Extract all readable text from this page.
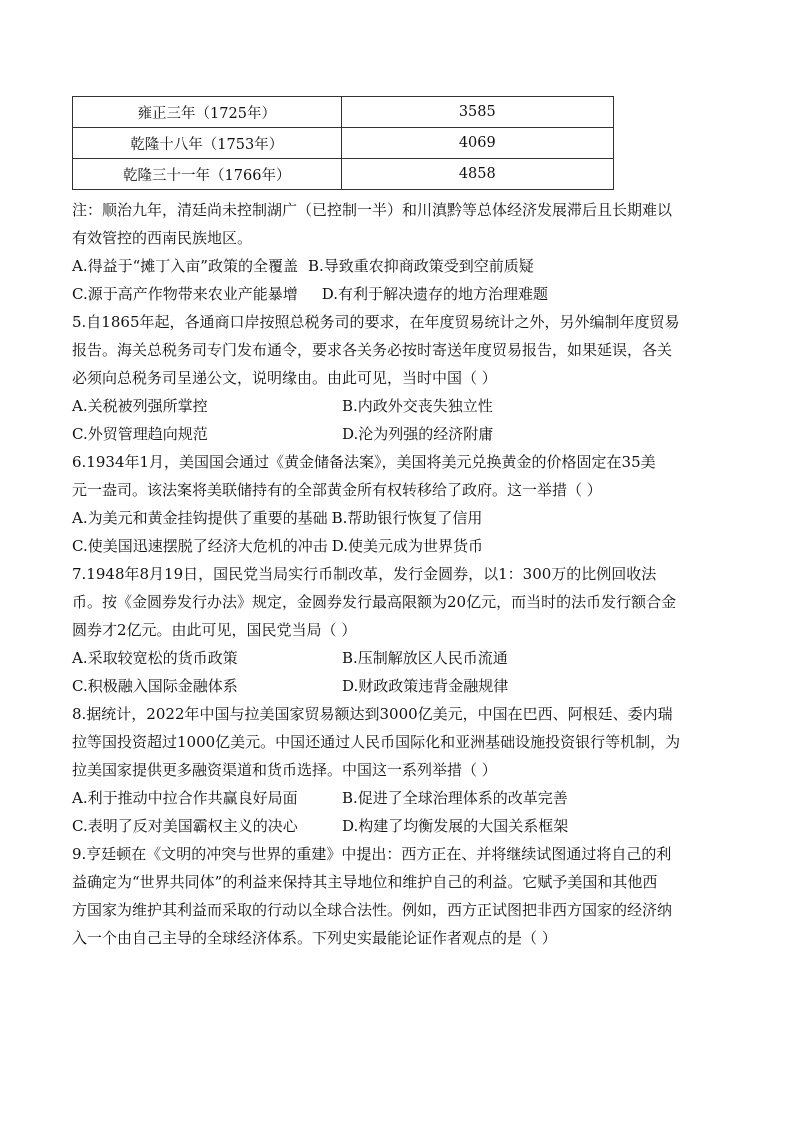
雍正三年（1725年）	3585
乾隆十八年（1753年）	4069
乾隆三十一年（1766年）	4858
注：顺治九年，清廷尚未控制湖广（已控制一半）和川滇黔等总体经济发展滞后且长期难以
有效管控的西南民族地区。
A.得益于“摊丁入亩”政策的全覆盖 B.导致重农抑商政策受到空前质疑
C.源于高产作物带来农业产能暴增 D.有利于解决遗存的地方治理难题
5.自1865年起，各通商口岸按照总税务司的要求，在年度贸易统计之外，另外编制年度贸易
报告。海关总税务司专门发布通令，要求各关务必按时寄送年度贸易报告，如果延误，各关
必须向总税务司呈递公文，说明缘由。由此可见，当时中国（ ）
A.关税被列强所掌控	B.内政外交丧失独立性
C.外贸管理趋向规范	D.沦为列强的经济附庸
6.1934年1月，美国国会通过《黄金储备法案》，美国将美元兑换黄金的价格固定在35美
元一盎司。该法案将美联储持有的全部黄金所有权转移给了政府。这一举措（ ）
A.为美元和黄金挂钩提供了重要的基础 B.帮助银行恢复了信用
C.使美国迅速摆脱了经济大危机的冲击 D.使美元成为世界货币
7.1948年8月19日，国民党当局实行币制改革，发行金圆券，以1：300万的比例回收法
币。按《金圆券发行办法》规定，金圆券发行最高限额为20亿元，而当时的法币发行额合金
圆券才2亿元。由此可见，国民党当局（ ）
A.采取较宽松的货币政策	B.压制解放区人民币流通
C.积极融入国际金融体系	D.财政政策违背金融规律
8.据统计，2022年中国与拉美国家贸易额达到3000亿美元，中国在巴西、阿根廷、委内瑞
拉等国投资超过1000亿美元。中国还通过人民币国际化和亚洲基础设施投资银行等机制，为
拉美国家提供更多融资渠道和货币选择。中国这一系列举措（ ）
A.利于推动中拉合作共赢良好局面	B.促进了全球治理体系的改革完善
C.表明了反对美国霸权主义的决心	D.构建了均衡发展的大国关系框架
9.亨廷顿在《文明的冲突与世界的重建》中提出：西方正在、并将继续试图通过将自己的利
益确定为“世界共同体”的利益来保持其主导地位和维护自己的利益。它赋予美国和其他西
方国家为维护其利益而采取的行动以全球合法性。例如，西方正试图把非西方国家的经济纳
入一个由自己主导的全球经济体系。下列史实最能论证作者观点的是（ ）
